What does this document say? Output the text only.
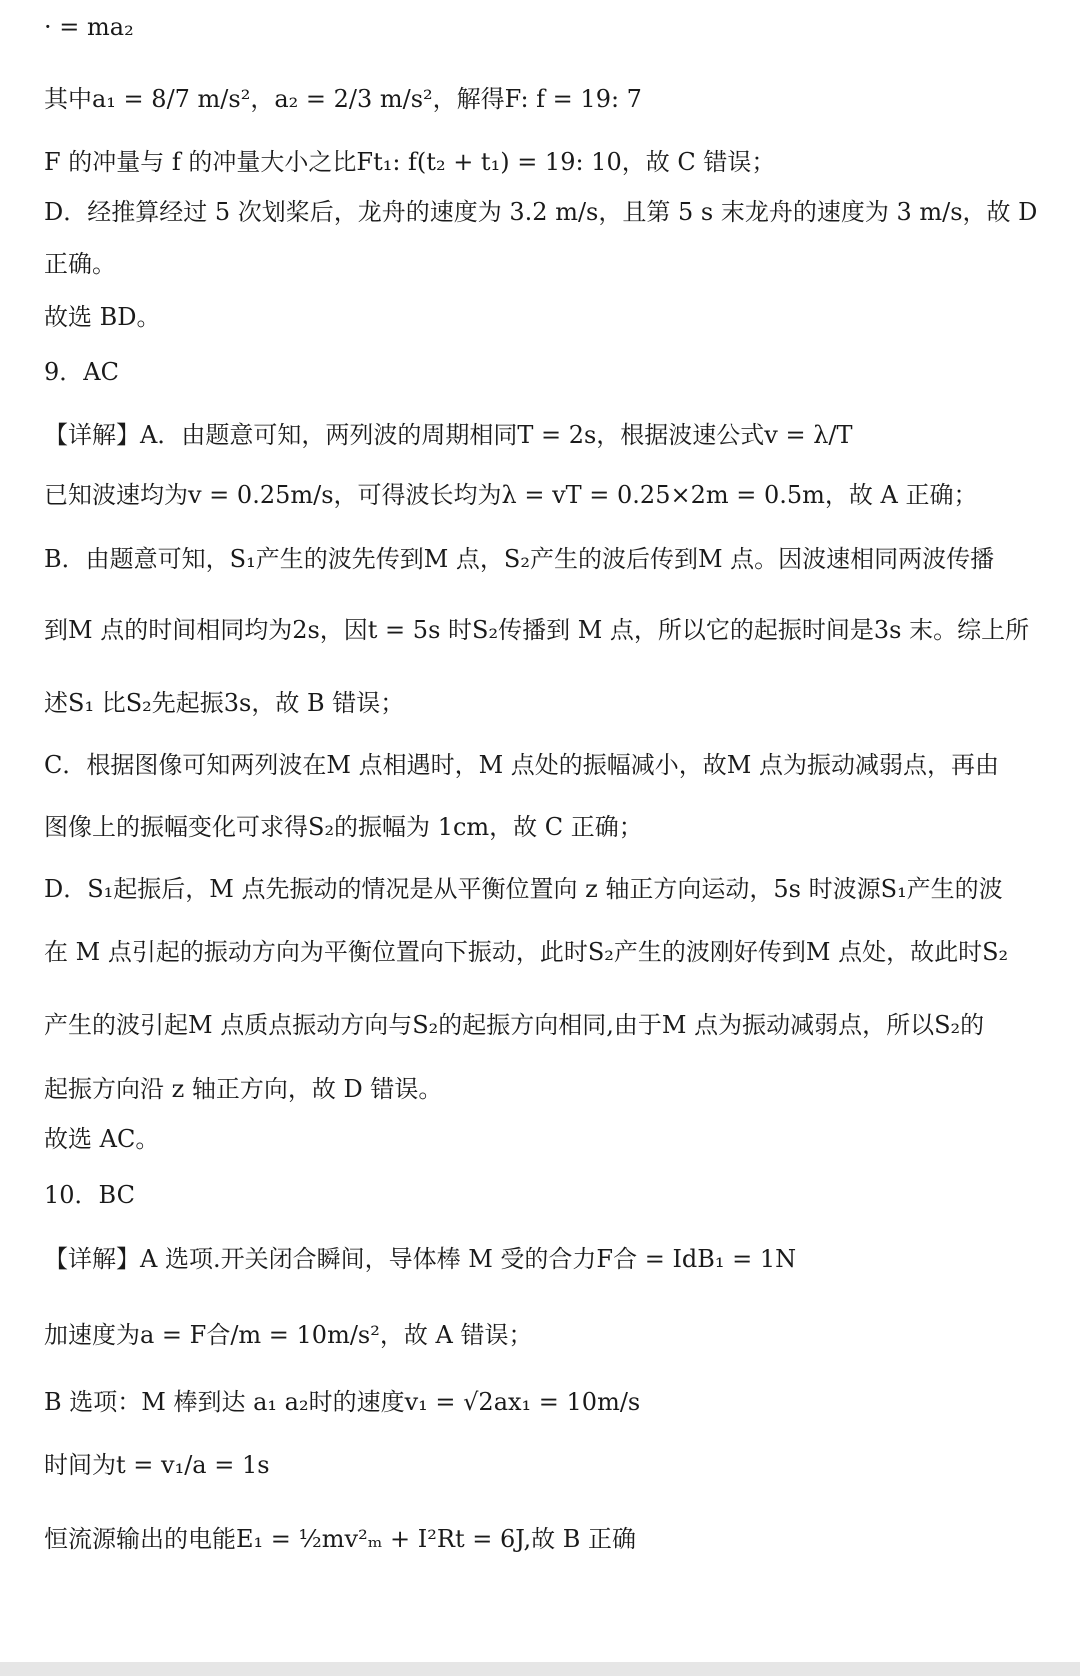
· = ma₂
其中a₁ = 8/7 m/s²，a₂ = 2/3 m/s²，解得F: f = 19: 7
F 的冲量与 f 的冲量大小之比Ft₁: f(t₂ + t₁) = 19: 10，故 C 错误；
D．经推算经过 5 次划桨后，龙舟的速度为 3.2 m/s，且第 5 s 末龙舟的速度为 3 m/s，故 D
正确。
故选 BD。
9．AC
【详解】A．由题意可知，两列波的周期相同T = 2s，根据波速公式v = λ/T
已知波速均为v = 0.25m/s，可得波长均为λ = vT = 0.25×2m = 0.5m，故 A 正确；
B．由题意可知，S₁产生的波先传到M 点，S₂产生的波后传到M 点。因波速相同两波传播
到M 点的时间相同均为2s，因t = 5s 时S₂传播到 M 点，所以它的起振时间是3s 末。综上所
述S₁ 比S₂先起振3s，故 B 错误；
C．根据图像可知两列波在M 点相遇时，M 点处的振幅减小，故M 点为振动减弱点，再由
图像上的振幅变化可求得S₂的振幅为 1cm，故 C 正确；
D．S₁起振后，M 点先振动的情况是从平衡位置向 z 轴正方向运动，5s 时波源S₁产生的波
在 M 点引起的振动方向为平衡位置向下振动，此时S₂产生的波刚好传到M 点处，故此时S₂
产生的波引起M 点质点振动方向与S₂的起振方向相同,由于M 点为振动减弱点，所以S₂的
起振方向沿 z 轴正方向，故 D 错误。
故选 AC。
10．BC
【详解】A 选项.开关闭合瞬间，导体棒 M 受的合力F合 = IdB₁ = 1N
加速度为a = F合/m = 10m/s²，故 A 错误；
B 选项：M 棒到达 a₁ a₂时的速度v₁ = √2ax₁ = 10m/s
时间为t = v₁/a = 1s
恒流源输出的电能E₁ = ½mv²ₘ + I²Rt = 6J,故 B 正确
